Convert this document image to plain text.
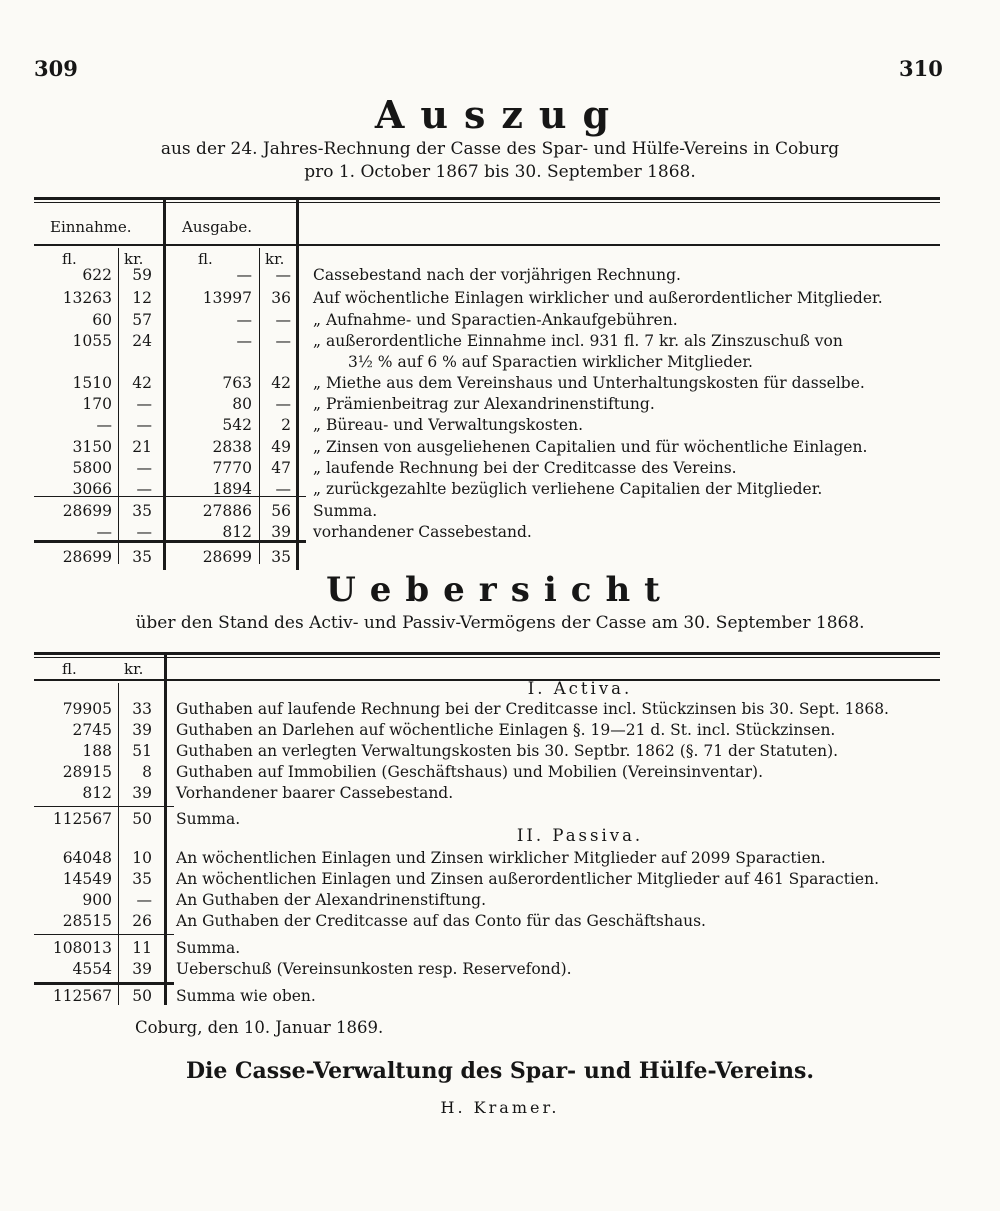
309	310
Auszug
aus der 24. Jahres-Rechnung der Casse des Spar- und Hülfe-Vereins in Coburg
pro 1. October 1867 bis 30. September 1868.
Einnahme.	Ausgabe.
fl.	kr.	fl.	kr.
622	59	—	— Cassebestand nach der vorjährigen Rechnung.
13263	12	13997	36 Auf wöchentliche Einlagen wirklicher und außerordentlicher Mitglieder.
60	57	—	— „ Aufnahme- und Sparactien-Ankaufgebühren.
1055	24	—	— „ außerordentliche Einnahme incl. 931 fl. 7 kr. als Zinszuschuß von
3½ % auf 6 % auf Sparactien wirklicher Mitglieder.
1510	42	763	42 „ Miethe aus dem Vereinshaus und Unterhaltungskosten für dasselbe.
170	—	80	— „ Prämienbeitrag zur Alexandrinenstiftung.
—	—	542	2 „ Büreau- und Verwaltungskosten.
3150	21	2838	49 „ Zinsen von ausgeliehenen Capitalien und für wöchentliche Einlagen.
5800	—	7770	47 „ laufende Rechnung bei der Creditcasse des Vereins.
3066	—	1894	— „ zurückgezahlte bezüglich verliehene Capitalien der Mitglieder.
28699	35	27886	56 Summa.
—	—	812	39 vorhandener Cassebestand.
28699	35	28699	35
Uebersicht
über den Stand des Activ- und Passiv-Vermögens der Casse am 30. September 1868.
fl.	kr.
I. Activa.
79905	33 Guthaben auf laufende Rechnung bei der Creditcasse incl. Stückzinsen bis 30. Sept. 1868.
2745	39 Guthaben an Darlehen auf wöchentliche Einlagen §. 19—21 d. St. incl. Stückzinsen.
188	51 Guthaben an verlegten Verwaltungskosten bis 30. Septbr. 1862 (§. 71 der Statuten).
28915	8 Guthaben auf Immobilien (Geschäftshaus) und Mobilien (Vereinsinventar).
812	39 Vorhandener baarer Cassebestand.
112567	50 Summa.
II. Passiva.
64048	10 An wöchentlichen Einlagen und Zinsen wirklicher Mitglieder auf 2099 Sparactien.
14549	35 An wöchentlichen Einlagen und Zinsen außerordentlicher Mitglieder auf 461 Sparactien.
900	— An Guthaben der Alexandrinenstiftung.
28515	26 An Guthaben der Creditcasse auf das Conto für das Geschäftshaus.
108013	11 Summa.
4554	39 Ueberschuß (Vereinsunkosten resp. Reservefond).
112567	50 Summa wie oben.
Coburg, den 10. Januar 1869.
Die Casse-Verwaltung des Spar- und Hülfe-Vereins.
H. Kramer.
